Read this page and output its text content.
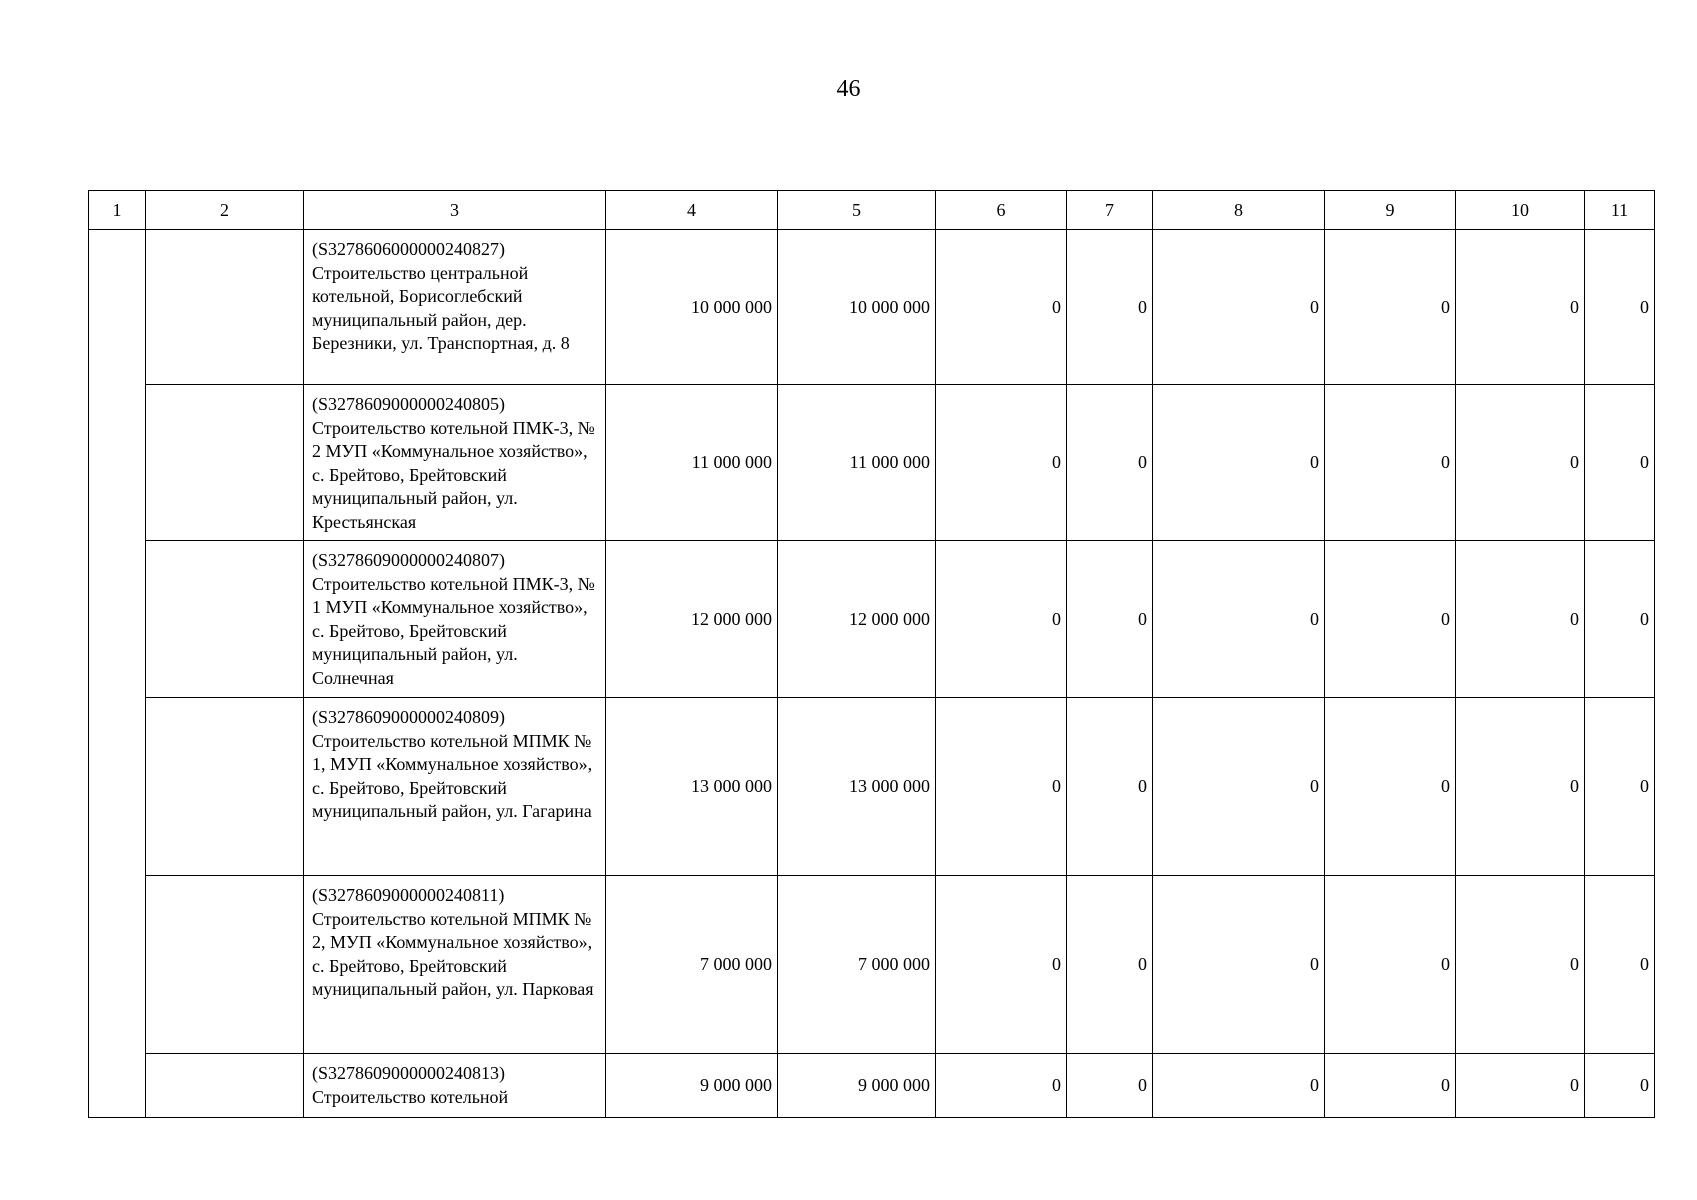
46
1	2	3	4	5	6	7	8	9	10	11
		(S3278606000000240827) Строительство центральной котельной, Борисоглебский муниципальный район, дер. Березники, ул. Транспортная, д. 8	10 000 000	10 000 000	0	0	0	0	0	0
		(S3278609000000240805) Строительство котельной ПМК-3, № 2 МУП «Коммунальное хозяйство», с. Брейтово, Брейтовский муниципальный район, ул. Крестьянская	11 000 000	11 000 000	0	0	0	0	0	0
		(S3278609000000240807) Строительство котельной ПМК-3, № 1 МУП «Коммунальное хозяйство», с. Брейтово, Брейтовский муниципальный район, ул. Солнечная	12 000 000	12 000 000	0	0	0	0	0	0
		(S3278609000000240809) Строительство котельной МПМК № 1, МУП «Коммунальное хозяйство», с. Брейтово, Брейтовский муниципальный район, ул. Гагарина	13 000 000	13 000 000	0	0	0	0	0	0
		(S3278609000000240811) Строительство котельной МПМК № 2, МУП «Коммунальное хозяйство», с. Брейтово, Брейтовский муниципальный район, ул. Парковая	7 000 000	7 000 000	0	0	0	0	0	0
		(S3278609000000240813) Строительство котельной	9 000 000	9 000 000	0	0	0	0	0	0
